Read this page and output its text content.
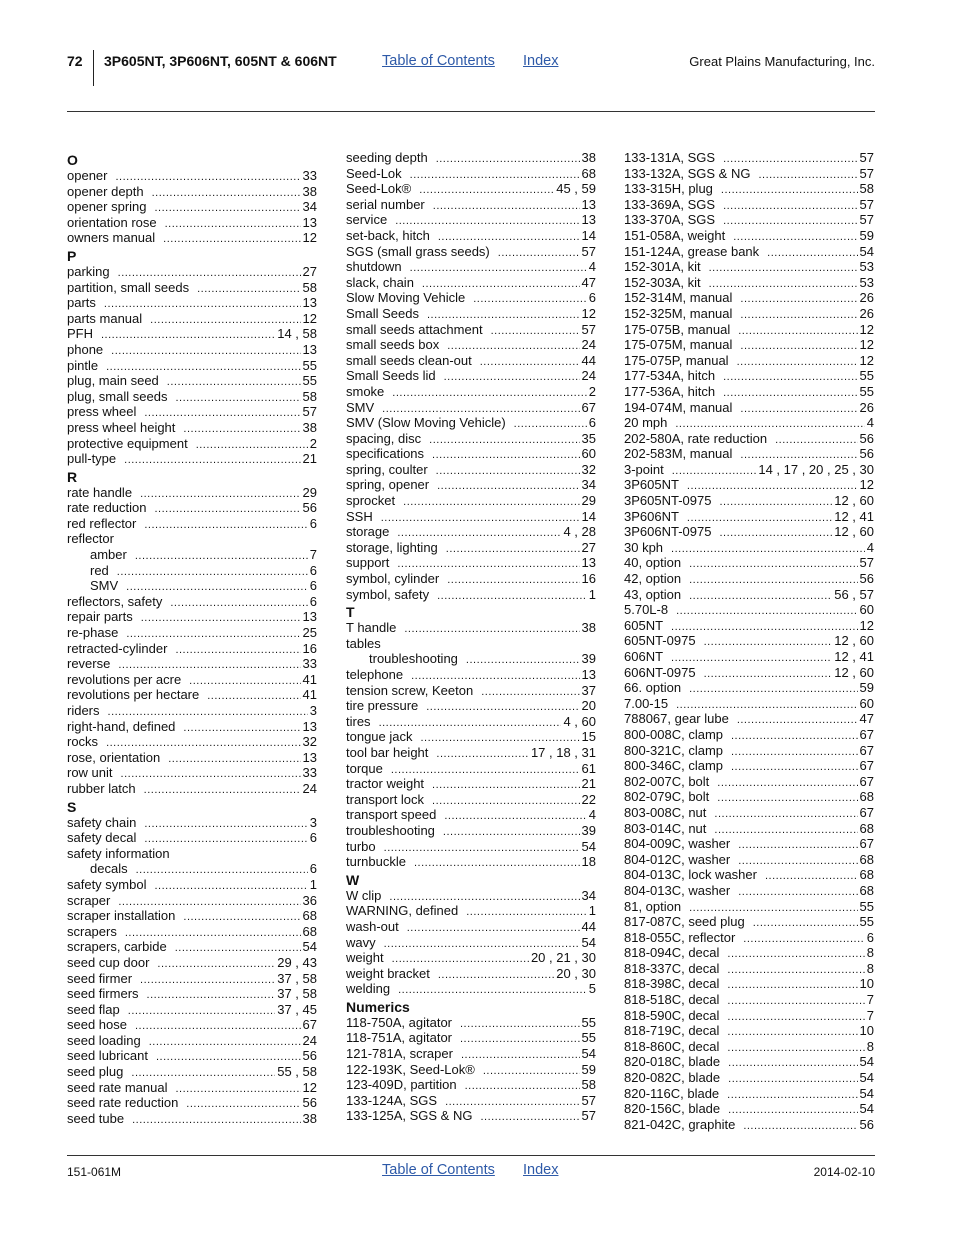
72 3P605NT, 3P606NT, 605NT & 606NT	Table of Contents Index	Great Plains Manufacturing, Inc.
O
opener .....	33
opener depth .....	38
opener spring .....	34
orientation rose .....	13
owners manual .....	12
P
parking .....	27
partition, small seeds .....	58
parts .....	13
parts manual .....	12
PFH .....	14 , 58
phone .....	13
pintle .....	55
plug, main seed .....	55
plug, small seeds .....	58
press wheel .....	57
press wheel height .....	38
protective equipment .....	2
pull-type .....	21
R
rate handle .....	29
rate reduction .....	56
red reflector .....	6
reflector
amber .....	7
red .....	6
SMV .....	6
reflectors, safety .....	6
repair parts .....	13
re-phase .....	25
retracted-cylinder .....	16
reverse .....	33
revolutions per acre .....	41
revolutions per hectare .....	41
riders .....	3
right-hand, defined .....	13
rocks .....	32
rose, orientation .....	13
row unit .....	33
rubber latch .....	24
S
safety chain .....	3
safety decal .....	6
safety information
decals .....	6
safety symbol .....	1
scraper .....	36
scraper installation .....	68
scrapers .....	68
scrapers, carbide .....	54
seed cup door .....	29 , 43
seed firmer .....	37 , 58
seed firmers .....	37 , 58
seed flap .....	37 , 45
seed hose .....	67
seed loading .....	24
seed lubricant .....	56
seed plug .....	55 , 58
seed rate manual .....	12
seed rate reduction .....	56
seed tube .....	38
seeding depth .....	38
Seed-Lok .....	68
Seed-Lok® .....	45 , 59
serial number .....	13
service .....	13
set-back, hitch .....	14
SGS (small grass seeds) .....	57
shutdown .....	4
slack, chain .....	47
Slow Moving Vehicle .....	6
Small Seeds .....	12
small seeds attachment .....	57
small seeds box .....	24
small seeds clean-out .....	44
Small Seeds lid .....	24
smoke .....	2
SMV .....	67
SMV (Slow Moving Vehicle) .....	6
spacing, disc .....	35
specifications .....	60
spring, coulter .....	32
spring, opener .....	34
sprocket .....	29
SSH .....	14
storage .....	4 , 28
storage, lighting .....	27
support .....	13
symbol, cylinder .....	16
symbol, safety .....	1
T
T handle .....	38
tables
troubleshooting .....	39
telephone .....	13
tension screw, Keeton .....	37
tire pressure .....	20
tires .....	4 , 60
tongue jack .....	15
tool bar height .....	17 , 18 , 31
torque .....	61
tractor weight .....	21
transport lock .....	22
transport speed .....	4
troubleshooting .....	39
turbo .....	54
turnbuckle .....	18
W
W clip .....	34
WARNING, defined .....	1
wash-out .....	44
wavy .....	54
weight .....	20 , 21 , 30
weight bracket .....	20 , 30
welding .....	5
Numerics
118-750A, agitator .....	55
118-751A, agitator .....	55
121-781A, scraper .....	54
122-193K, Seed-Lok® .....	59
123-409D, partition .....	58
133-124A, SGS .....	57
133-125A, SGS & NG .....	57
133-131A, SGS .....	57
133-132A, SGS & NG .....	57
133-315H, plug .....	58
133-369A, SGS .....	57
133-370A, SGS .....	57
151-058A, weight .....	59
151-124A, grease bank .....	54
152-301A, kit .....	53
152-303A, kit .....	53
152-314M, manual .....	26
152-325M, manual .....	26
175-075B, manual .....	12
175-075M, manual .....	12
175-075P, manual .....	12
177-534A, hitch .....	55
177-536A, hitch .....	55
194-074M, manual .....	26
20 mph .....	4
202-580A, rate reduction .....	56
202-583M, manual .....	56
3-point .....	14 , 17 , 20 , 25 , 30
3P605NT .....	12
3P605NT-0975 .....	12 , 60
3P606NT .....	12 , 41
3P606NT-0975 .....	12 , 60
30 kph .....	4
40, option .....	57
42, option .....	56
43, option .....	56 , 57
5.70L-8 .....	60
605NT .....	12
605NT-0975 .....	12 , 60
606NT .....	12 , 41
606NT-0975 .....	12 , 60
66. option .....	59
7.00-15 .....	60
788067, gear lube .....	47
800-008C, clamp .....	67
800-321C, clamp .....	67
800-346C, clamp .....	67
802-007C, bolt .....	67
802-079C, bolt .....	68
803-008C, nut .....	67
803-014C, nut .....	68
804-009C, washer .....	67
804-012C, washer .....	68
804-013C, lock washer .....	68
804-013C, washer .....	68
81, option .....	55
817-087C, seed plug .....	55
818-055C, reflector .....	6
818-094C, decal .....	8
818-337C, decal .....	8
818-398C, decal .....	10
818-518C, decal .....	7
818-590C, decal .....	7
818-719C, decal .....	10
818-860C, decal .....	8
820-018C, blade .....	54
820-082C, blade .....	54
820-116C, blade .....	54
820-156C, blade .....	54
821-042C, graphite .....	56
151-061M	Table of Contents Index	2014-02-10
